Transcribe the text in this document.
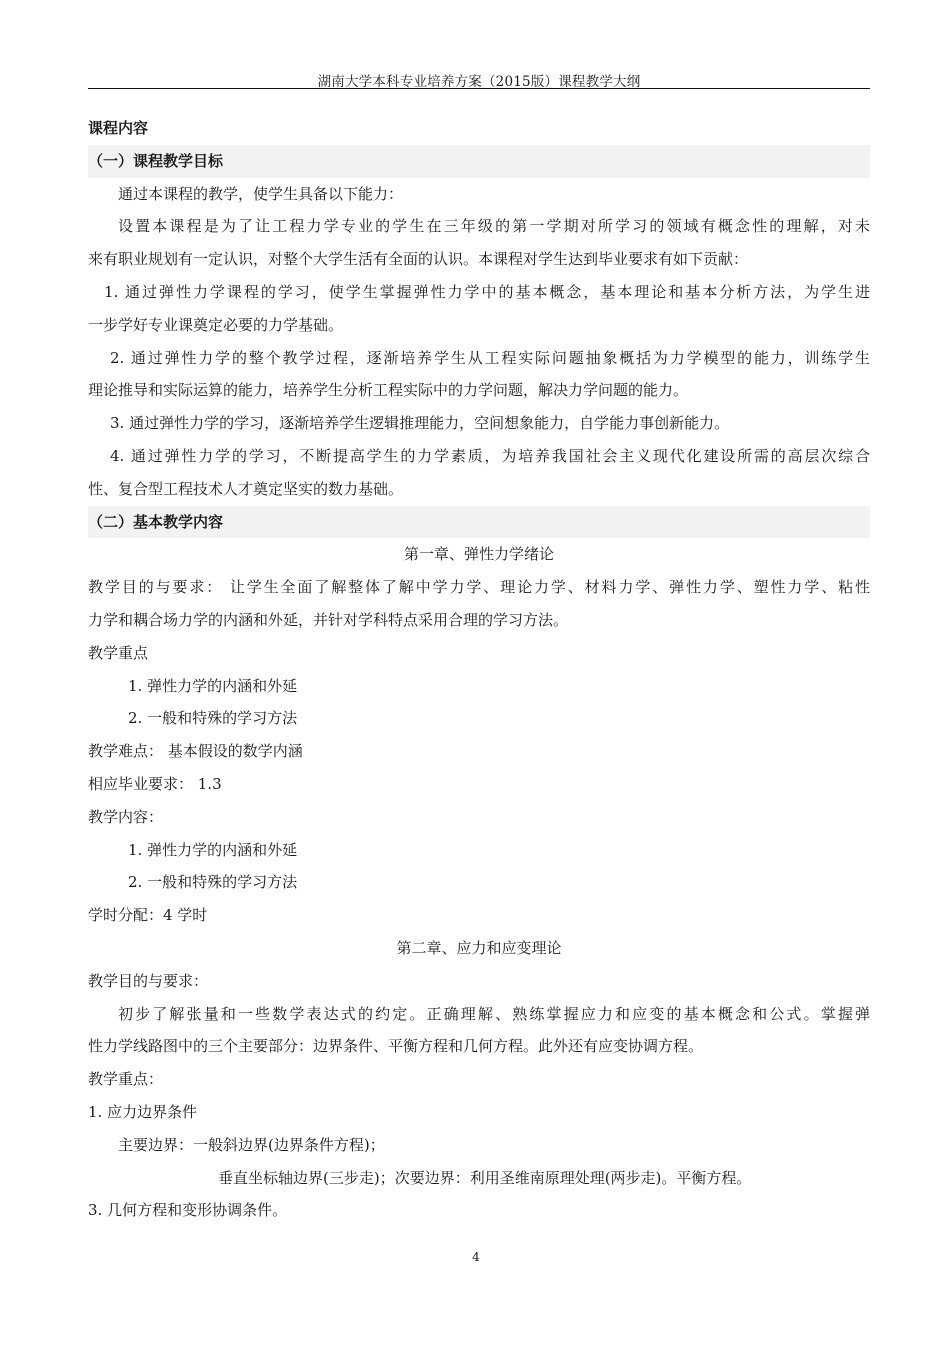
湖南大学本科专业培养方案（2015版）课程教学大纲
课程内容
（一）课程教学目标
通过本课程的教学，使学生具备以下能力：
设置本课程是为了让工程力学专业的学生在三年级的第一学期对所学习的领域有概念性的理解，对未
来有职业规划有一定认识，对整个大学生活有全面的认识。本课程对学生达到毕业要求有如下贡献：
1. 通过弹性力学课程的学习，使学生掌握弹性力学中的基本概念，基本理论和基本分析方法，为学生进
一步学好专业课奠定必要的力学基础。
2. 通过弹性力学的整个教学过程，逐渐培养学生从工程实际问题抽象概括为力学模型的能力，训练学生
理论推导和实际运算的能力，培养学生分析工程实际中的力学问题，解决力学问题的能力。
3. 通过弹性力学的学习，逐渐培养学生逻辑推理能力，空间想象能力，自学能力事创新能力。
4. 通过弹性力学的学习，不断提高学生的力学素质，为培养我国社会主义现代化建设所需的高层次综合
性、复合型工程技术人才奠定坚实的数力基础。
（二）基本教学内容
第一章、弹性力学绪论
教学目的与要求： 让学生全面了解整体了解中学力学、理论力学、材料力学、弹性力学、塑性力学、粘性
力学和耦合场力学的内涵和外延，并针对学科特点采用合理的学习方法。
教学重点
1. 弹性力学的内涵和外延
2. 一般和特殊的学习方法
教学难点： 基本假设的数学内涵
相应毕业要求： 1.3
教学内容：
1. 弹性力学的内涵和外延
2. 一般和特殊的学习方法
学时分配：4 学时
第二章、应力和应变理论
教学目的与要求：
初步了解张量和一些数学表达式的约定。正确理解、熟练掌握应力和应变的基本概念和公式。掌握弹
性力学线路图中的三个主要部分：边界条件、平衡方程和几何方程。此外还有应变协调方程。
教学重点：
1. 应力边界条件
主要边界：一般斜边界(边界条件方程)；
垂直坐标轴边界(三步走)；次要边界：利用圣维南原理处理(两步走)。平衡方程。
3. 几何方程和变形协调条件。
4
